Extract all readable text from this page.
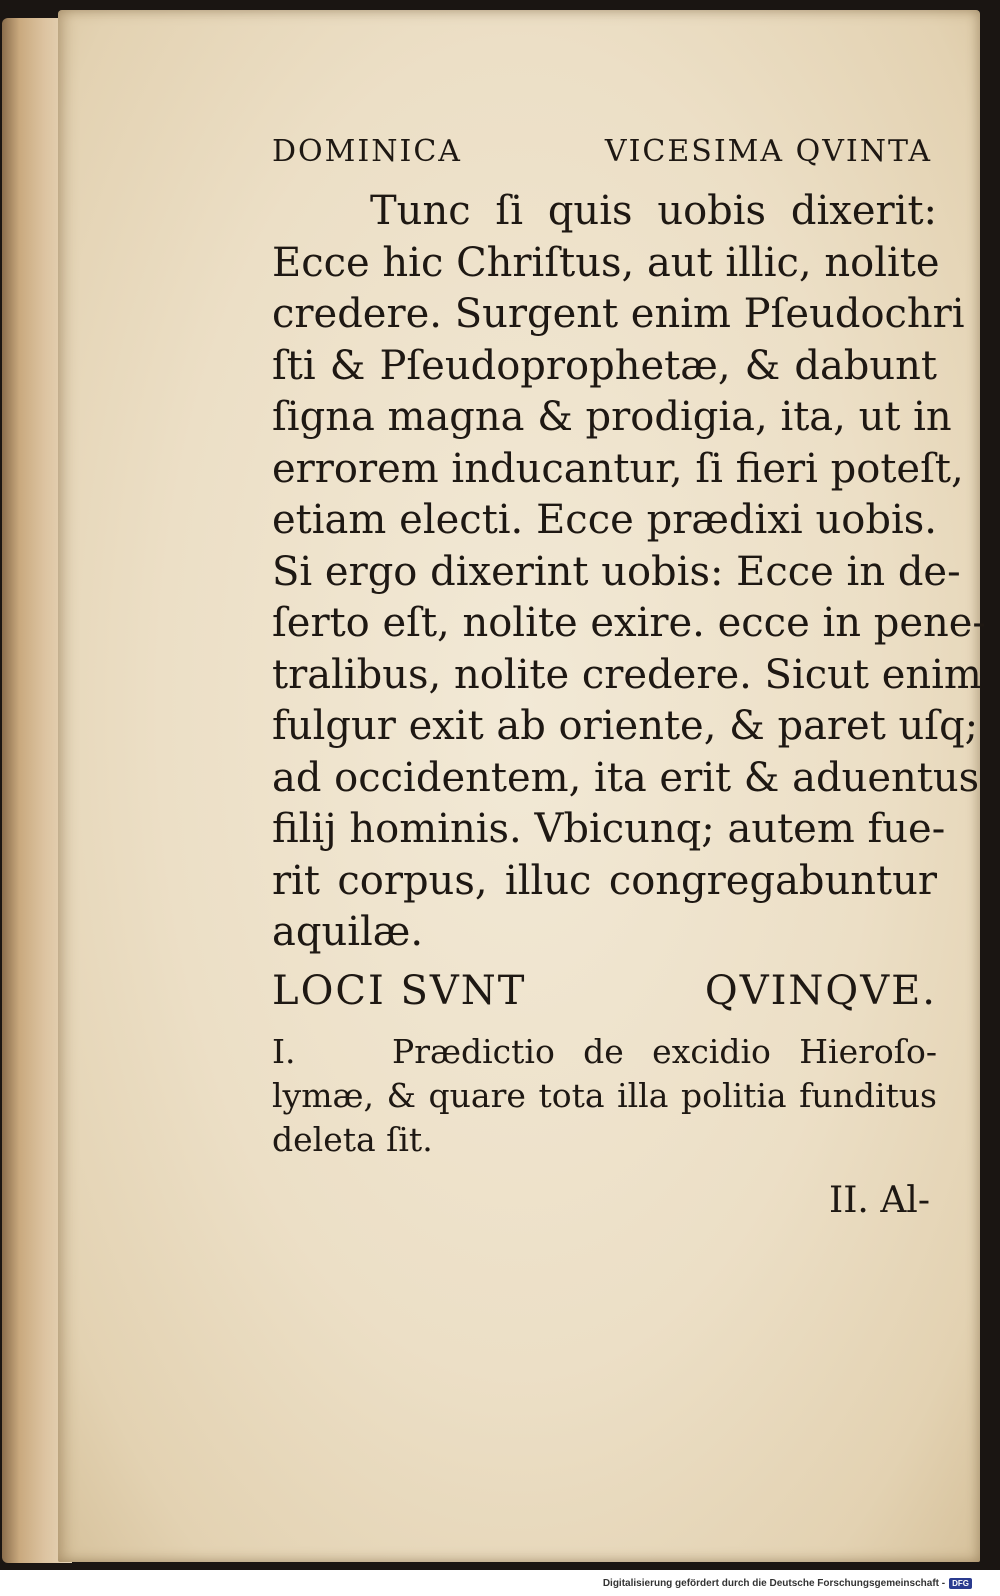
DOMINICA	VICESIMA QVINTA
Tunc ſi quis uobis dixerit:
Ecce hic Chriſtus, aut illic, nolite
credere. Surgent enim Pſeudochri
ſti & Pſeudoprophetæ, & dabunt
ſigna magna & prodigia, ita, ut in
errorem inducantur, ſi fieri poteſt,
etiam electi. Ecce prædixi uobis.
Si ergo dixerint uobis: Ecce in de-
ſerto eſt, nolite exire. ecce in pene-
tralibus, nolite credere. Sicut enim
fulgur exit ab oriente, & paret uſq;
ad occidentem, ita erit & aduentus
filij hominis. Vbicunq; autem fue-
rit corpus, illuc congregabuntur
aquilæ.
LOCI SVNT	QVINQVE.
I.	Prædictio de excidio Hieroſo-
lymæ, & quare tota illa politia funditus
deleta ſit.
II. Al-
Digitalisierung gefördert durch die Deutsche Forschungsgemeinschaft - DFG
